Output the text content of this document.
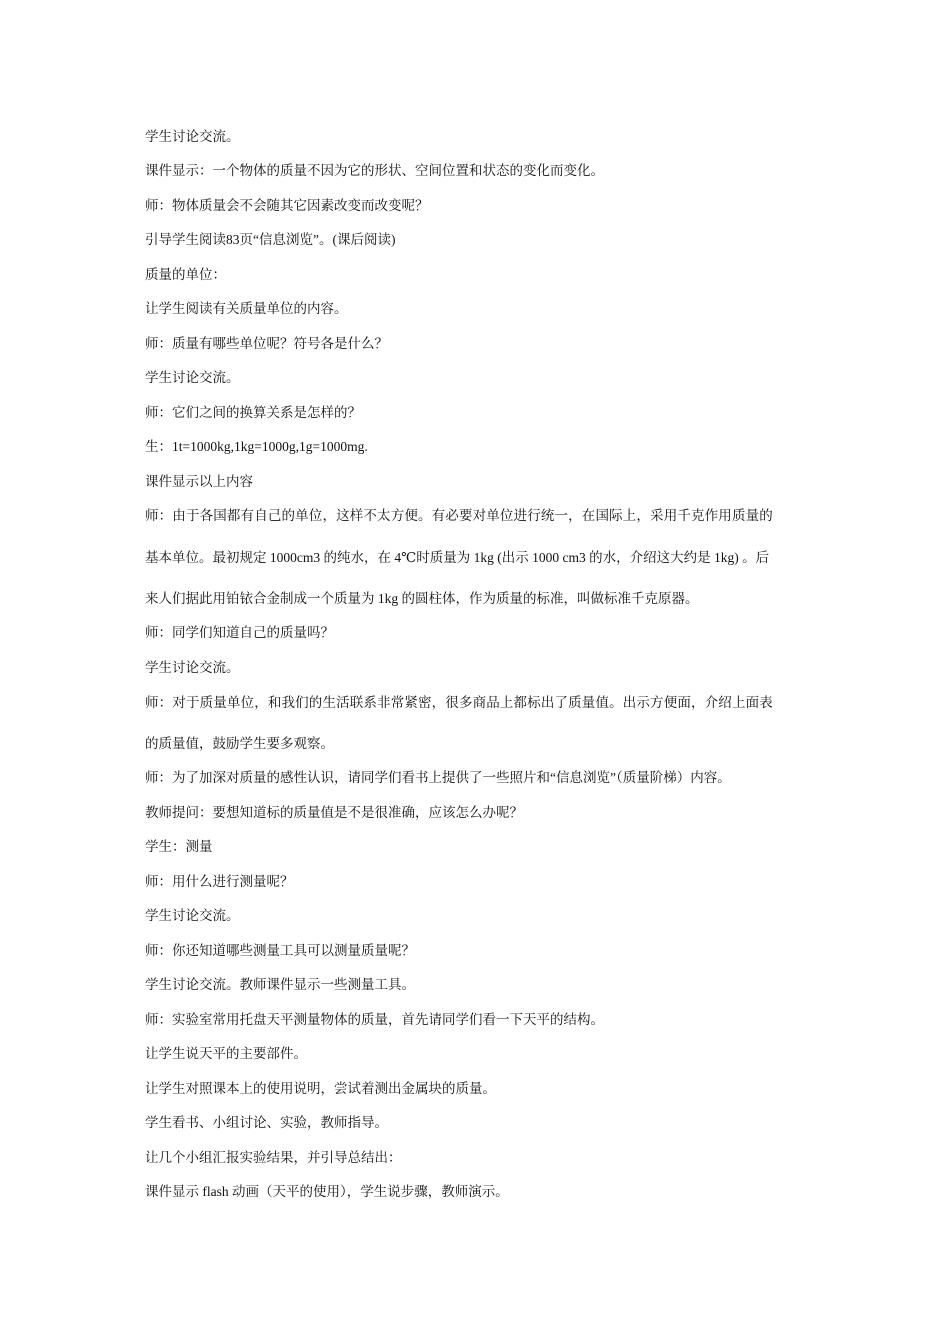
学生讨论交流。
课件显示：一个物体的质量不因为它的形状、空间位置和状态的变化而变化。
师：物体质量会不会随其它因素改变而改变呢？
引导学生阅读83页“信息浏览”。(课后阅读)
质量的单位：
让学生阅读有关质量单位的内容。
师：质量有哪些单位呢？符号各是什么？
学生讨论交流。
师：它们之间的换算关系是怎样的？
生：1t=1000kg,1kg=1000g,1g=1000mg.
课件显示以上内容
师：由于各国都有自己的单位，这样不太方便。有必要对单位进行统一，在国际上，采用千克作用质量的
基本单位。最初规定 1000cm3 的纯水，在 4℃时质量为 1kg (出示 1000 cm3 的水，介绍这大约是 1kg) 。后
来人们据此用铂铱合金制成一个质量为 1kg 的圆柱体，作为质量的标准，叫做标准千克原器。
师：同学们知道自己的质量吗？
学生讨论交流。
师：对于质量单位，和我们的生活联系非常紧密，很多商品上都标出了质量值。出示方便面，介绍上面表
的质量值，鼓励学生要多观察。
师：为了加深对质量的感性认识，请同学们看书上提供了一些照片和“信息浏览”（质量阶梯）内容。
教师提问：要想知道标的质量值是不是很准确，应该怎么办呢？
学生：测量
师：用什么进行测量呢？
学生讨论交流。
师：你还知道哪些测量工具可以测量质量呢？
学生讨论交流。教师课件显示一些测量工具。
师：实验室常用托盘天平测量物体的质量，首先请同学们看一下天平的结构。
让学生说天平的主要部件。
让学生对照课本上的使用说明，尝试着测出金属块的质量。
学生看书、小组讨论、实验，教师指导。
让几个小组汇报实验结果，并引导总结出：
课件显示 flash 动画（天平的使用），学生说步骤，教师演示。
